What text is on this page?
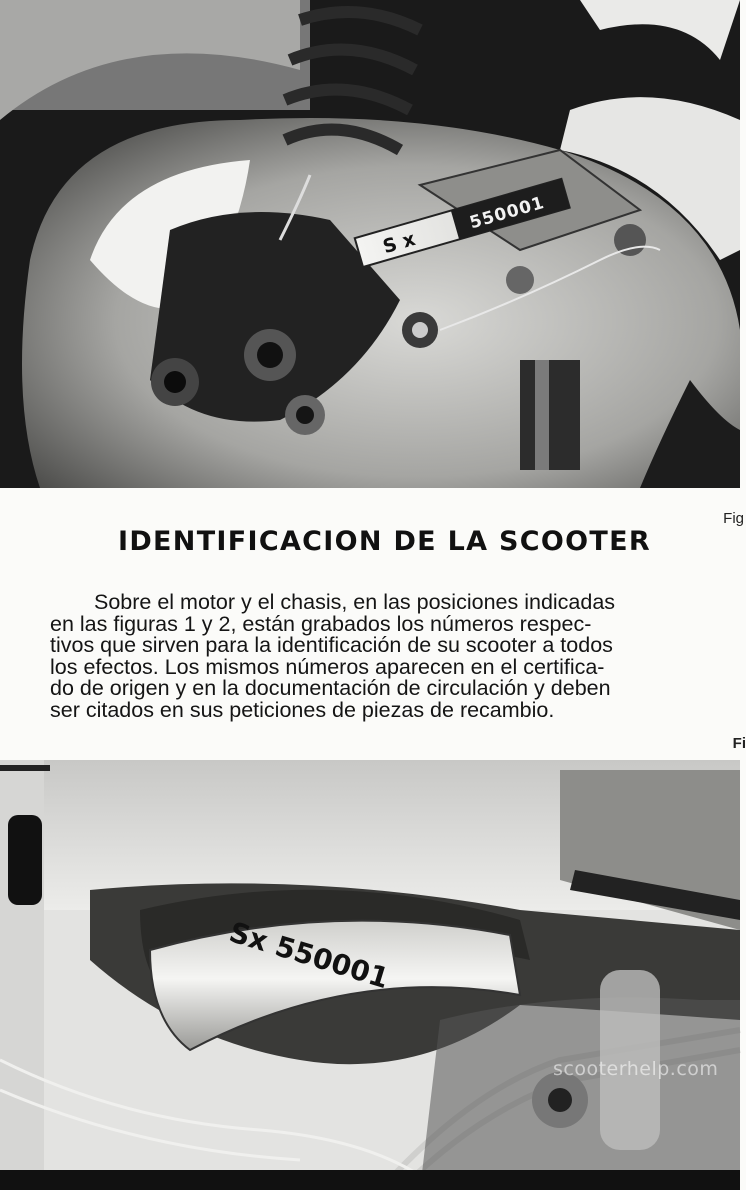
S x
550001
Fig
IDENTIFICACION DE LA SCOOTER

Sobre el motor y el chasis, en las posiciones indicadas

en las figuras 1 y 2, están grabados los números respec-

tivos que sirven para la identificación de su scooter a todos

los efectos. Los mismos números aparecen en el certifica-

do de origen y en la documentación de circulación y deben

ser citados en sus peticiones de piezas de recambio.

Fi
Sx 550001
scooterhelp.com
